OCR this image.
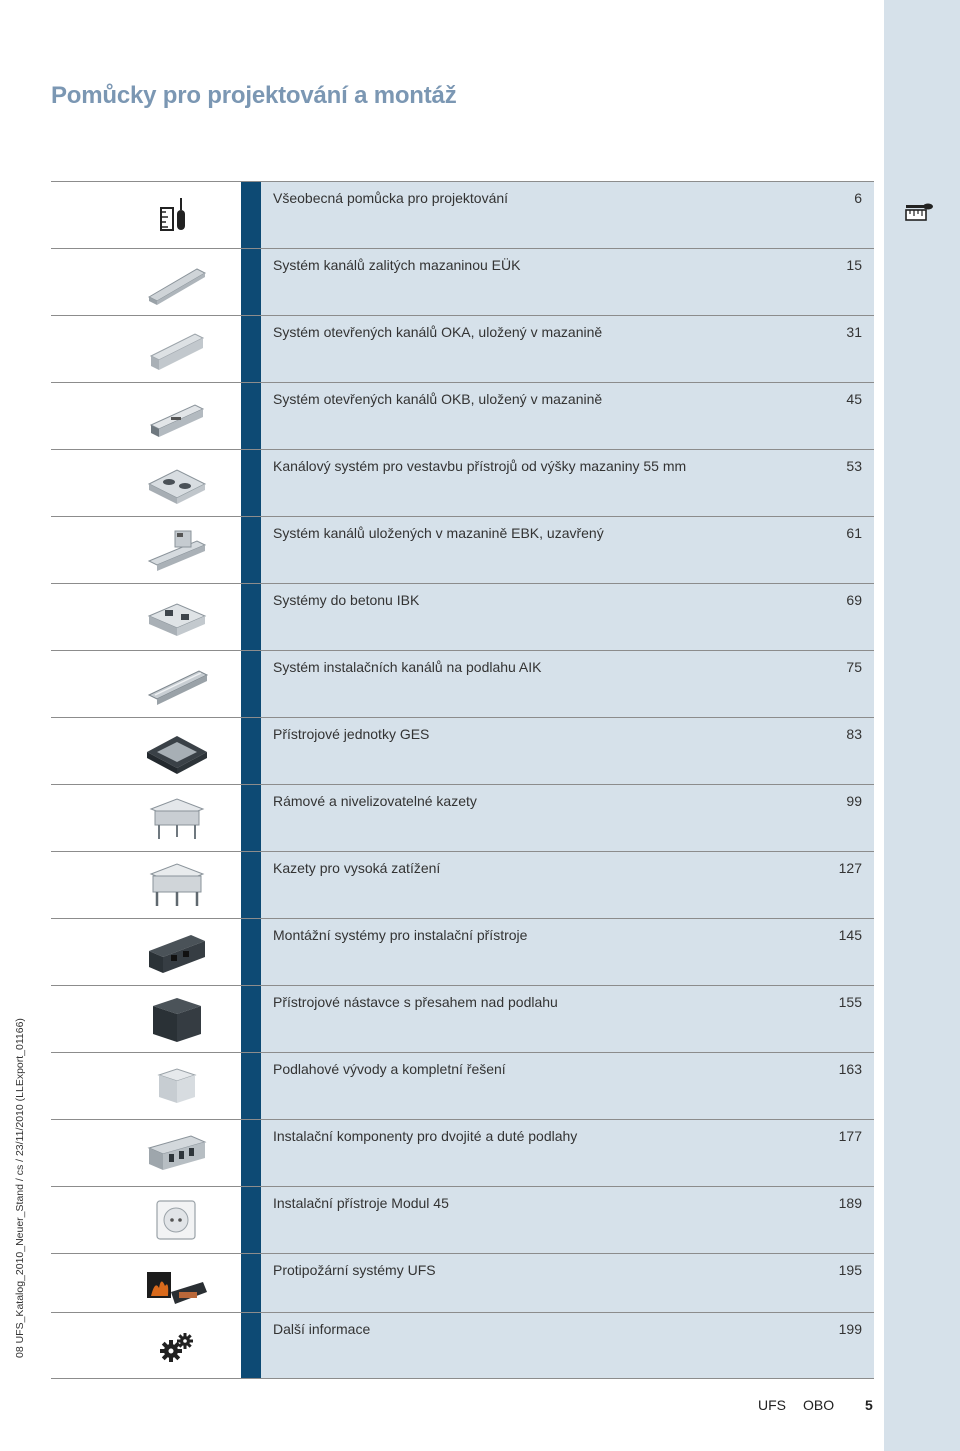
Pomůcky pro projektování a montáž
08 UFS_Katalog_2010_Neuer_Stand / cs / 23/11/2010 (LLExport_01166)
Všeobecná pomůcka pro projektování	6
Systém kanálů zalitých mazaninou EÜK	15
Systém otevřených kanálů OKA, uložený v mazanině	31
Systém otevřených kanálů OKB, uložený v mazanině	45
Kanálový systém pro vestavbu přístrojů od výšky mazaniny 55 mm	53
Systém kanálů uložených v mazanině EBK, uzavřený	61
Systémy do betonu IBK	69
Systém instalačních kanálů na podlahu AIK	75
Přístrojové jednotky GES	83
Rámové a nivelizovatelné kazety	99
Kazety pro vysoká zatížení	127
Montážní systémy pro instalační přístroje	145
Přístrojové nástavce s přesahem nad podlahu	155
Podlahové vývody a kompletní řešení	163
Instalační komponenty pro dvojité a duté podlahy	177
Instalační přístroje Modul 45	189
Protipožární systémy UFS	195
Další informace	199
UFS OBO 5
